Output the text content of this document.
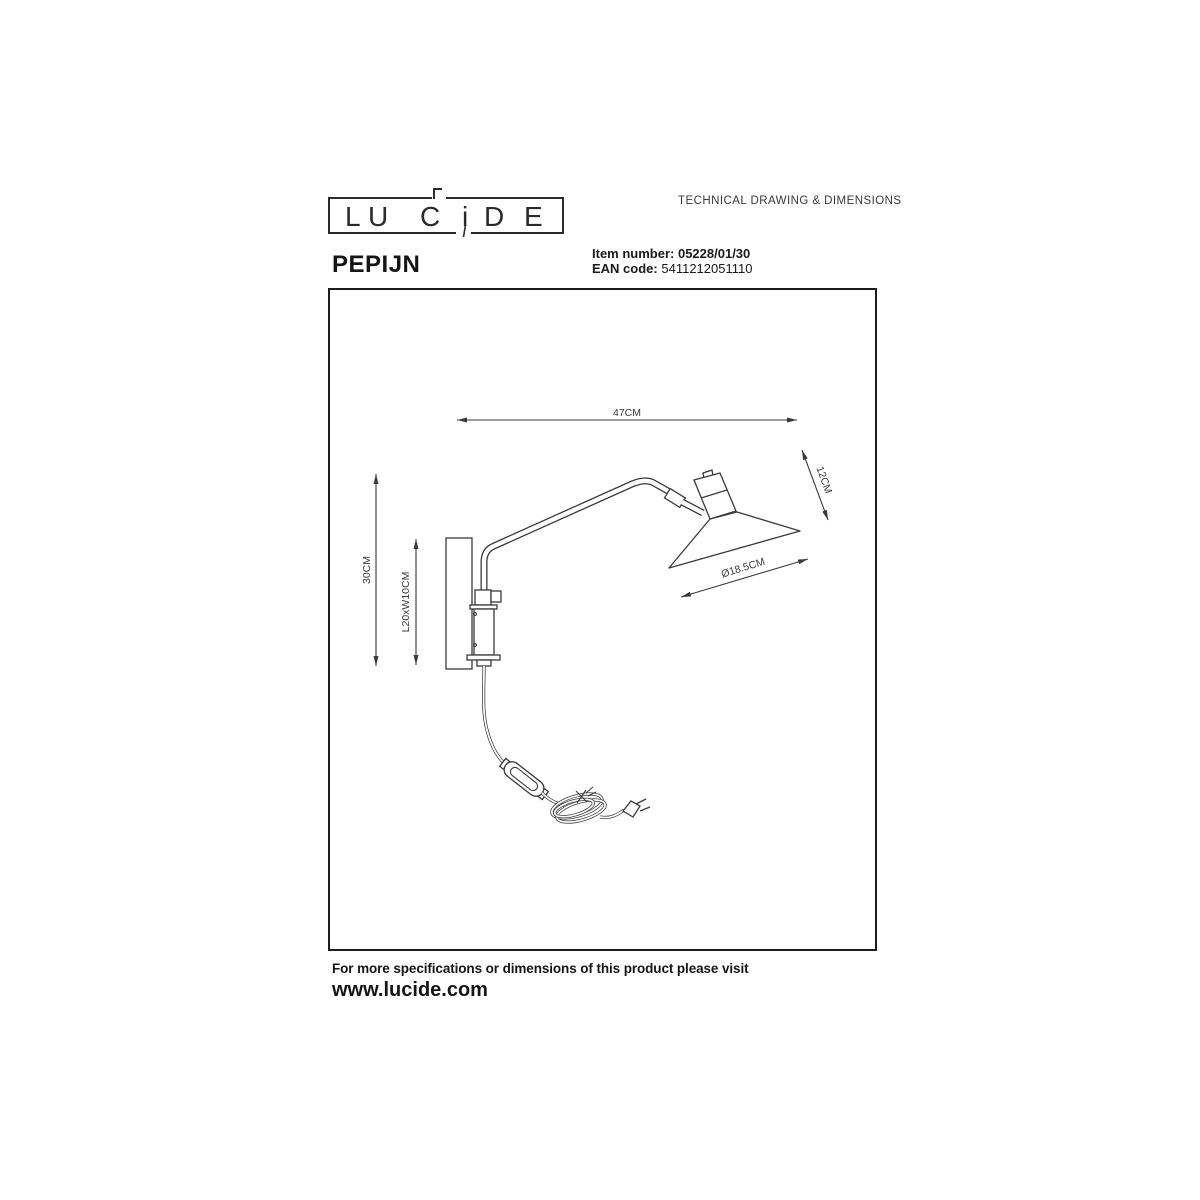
L U C i D E	TECHNICAL DRAWING & DIMENSIONS
PEPIJN	Item number: 05228/01/30
EAN code: 5411212051110
47CM
12CM
30CM
L20xW10CM
Ø18.5CM
For more specifications or dimensions of this product please visit
www.lucide.com
